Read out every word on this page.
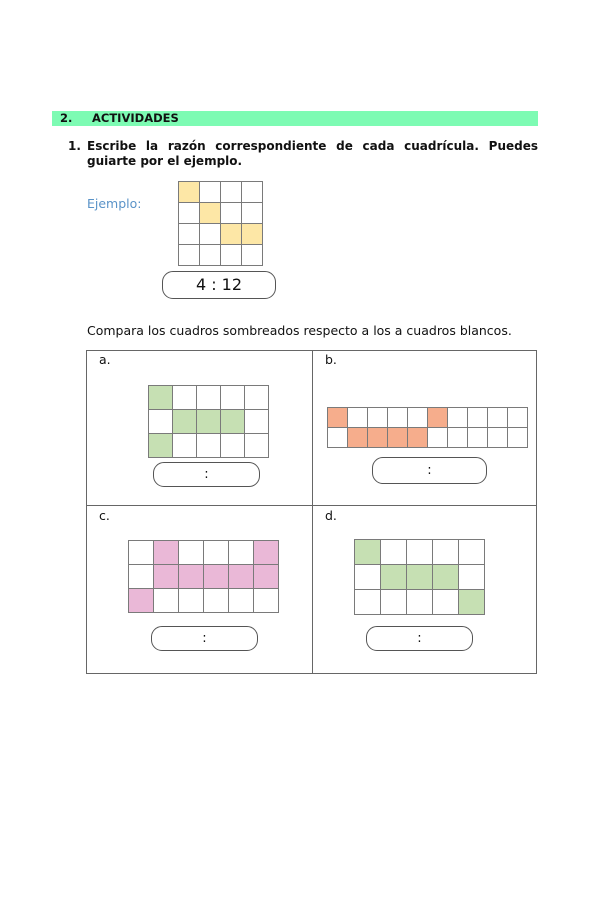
2. ACTIVIDADES
1. Escribe la razón correspondiente de cada cuadrícula. Puedes guiarte por el ejemplo.
Ejemplo:
4 : 12
Compara los cuadros sombreados respecto a los a cuadros blancos.
a.
:
b.
:
c.
:
d.
:
